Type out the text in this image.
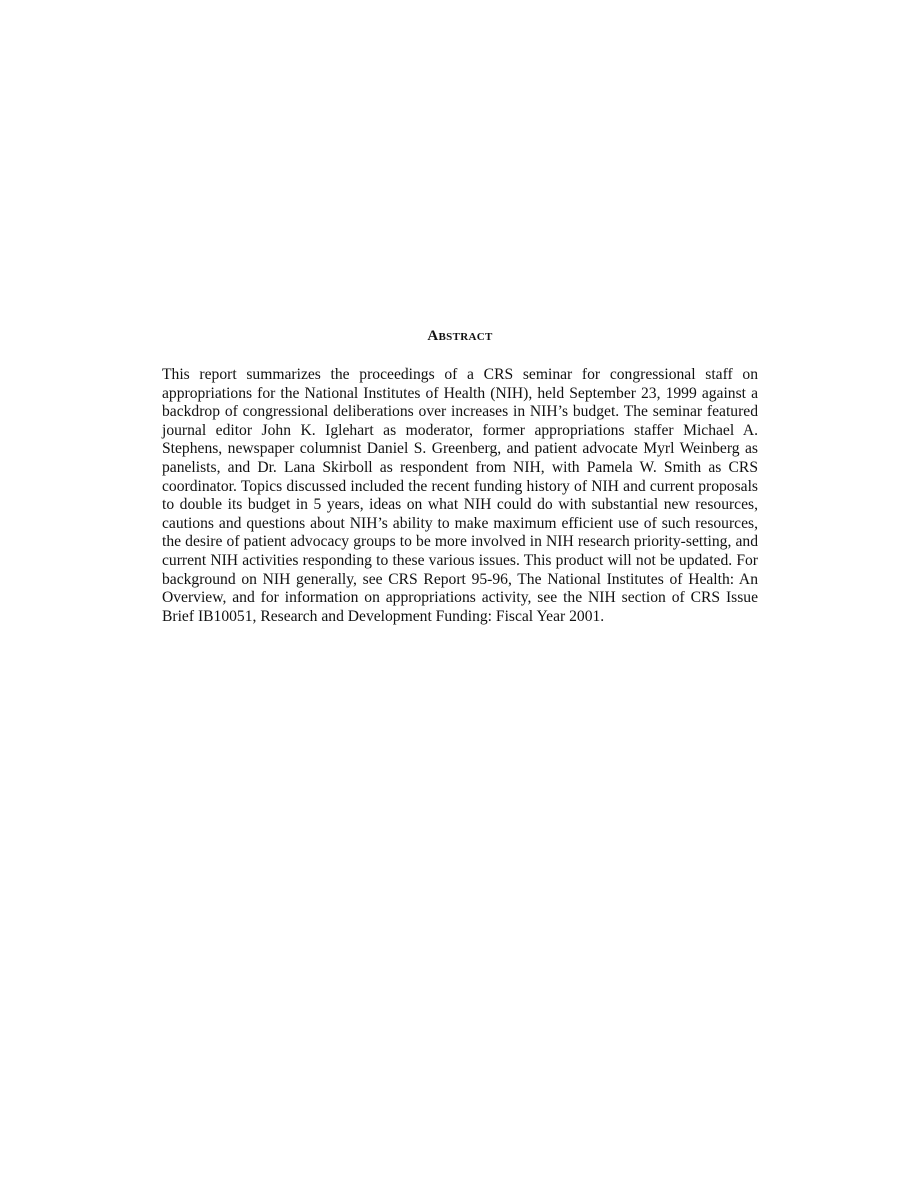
Abstract

This report summarizes the proceedings of a CRS seminar for congressional staff on appropriations for the National Institutes of Health (NIH), held September 23, 1999 against a backdrop of congressional deliberations over increases in NIH’s budget. The seminar featured journal editor John K. Iglehart as moderator, former appropriations staffer Michael A. Stephens, newspaper columnist Daniel S. Greenberg, and patient advocate Myrl Weinberg as panelists, and Dr. Lana Skirboll as respondent from NIH, with Pamela W. Smith as CRS coordinator. Topics discussed included the recent funding history of NIH and current proposals to double its budget in 5 years, ideas on what NIH could do with substantial new resources, cautions and questions about NIH’s ability to make maximum efficient use of such resources, the desire of patient advocacy groups to be more involved in NIH research priority-setting, and current NIH activities responding to these various issues. This product will not be updated. For background on NIH generally, see CRS Report 95-96, The National Institutes of Health: An Overview, and for information on appropriations activity, see the NIH section of CRS Issue Brief IB10051, Research and Development Funding: Fiscal Year 2001.
